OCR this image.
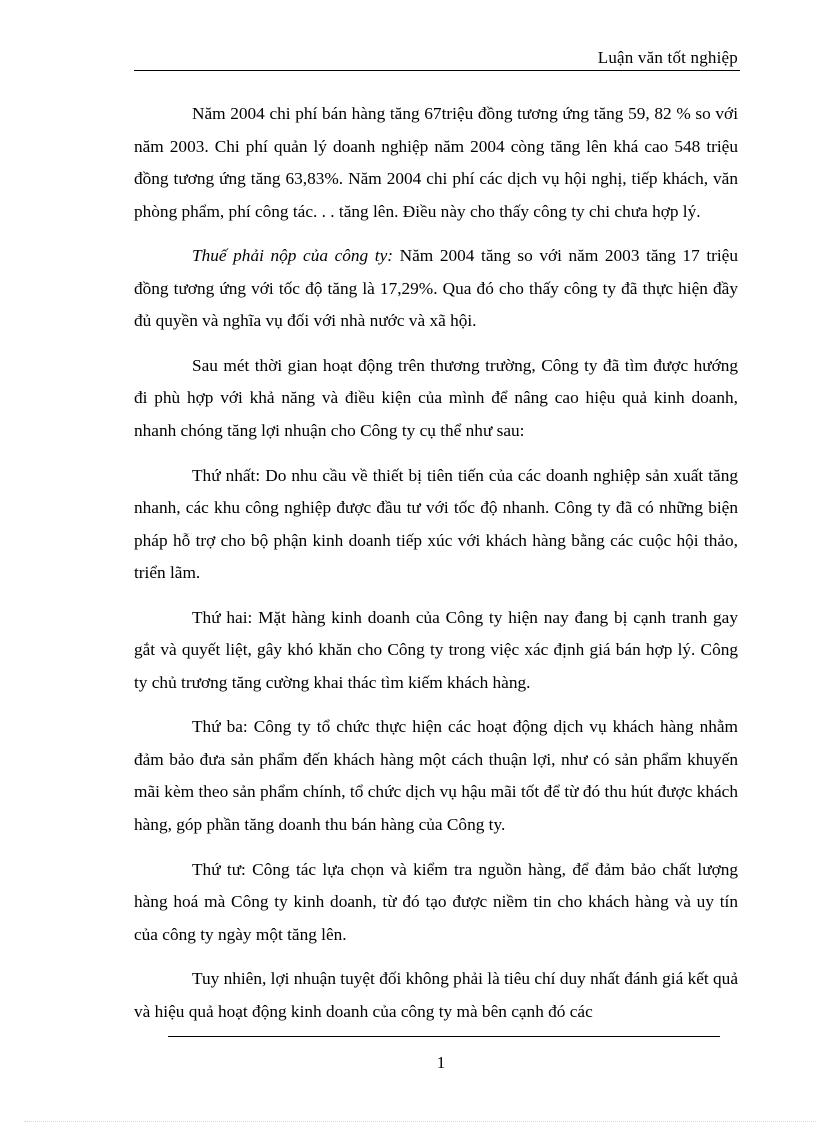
Luận văn tốt nghiệp

Năm 2004 chi phí bán hàng tăng 67triệu đồng tương ứng tăng 59, 82 % so với năm 2003. Chi phí quản lý doanh nghiệp năm 2004 còng tăng lên khá cao 548 triệu đồng tương ứng tăng 63,83%. Năm 2004 chi phí các dịch vụ hội nghị, tiếp khách, văn phòng phẩm, phí công tác. . . tăng lên. Điều này cho thấy công ty chi chưa hợp lý.

Thuế phải nộp của công ty: Năm 2004 tăng so với năm 2003 tăng 17 triệu đồng tương ứng với tốc độ tăng là 17,29%. Qua đó cho thấy công ty đã thực hiện đầy đủ quyền và nghĩa vụ đối với nhà nước và xã hội.

Sau mét thời gian hoạt động trên thương trường, Công ty đã tìm được hướng đi phù hợp với khả năng và điều kiện của mình để nâng cao hiệu quả kinh doanh, nhanh chóng tăng lợi nhuận cho Công ty cụ thể như sau:

Thứ nhất: Do nhu cầu về thiết bị tiên tiến của các doanh nghiệp sản xuất tăng nhanh, các khu công nghiệp được đầu tư với tốc độ nhanh. Công ty đã có những biện pháp hỗ trợ cho bộ phận kinh doanh tiếp xúc với khách hàng bằng các cuộc hội thảo, triển lãm.

Thứ hai: Mặt hàng kinh doanh của Công ty hiện nay đang bị cạnh tranh gay gắt và quyết liệt, gây khó khăn cho Công ty trong việc xác định giá bán hợp lý. Công ty chủ trương tăng cường khai thác tìm kiếm khách hàng.

Thứ ba: Công ty tổ chức thực hiện các hoạt động dịch vụ khách hàng nhằm đảm bảo đưa sản phẩm đến khách hàng một cách thuận lợi, như có sản phẩm khuyến mãi kèm theo sản phẩm chính, tổ chức dịch vụ hậu mãi tốt để từ đó thu hút được khách hàng, góp phần tăng doanh thu bán hàng của Công ty.

Thứ tư: Công tác lựa chọn và kiểm tra nguồn hàng, để đảm bảo chất lượng hàng hoá mà Công ty kinh doanh, từ đó tạo được niềm tin cho khách hàng và uy tín của công ty ngày một tăng lên.

Tuy nhiên, lợi nhuận tuyệt đối không phải là tiêu chí duy nhất đánh giá kết quả và hiệu quả hoạt động kinh doanh của công ty mà bên cạnh đó các

1
